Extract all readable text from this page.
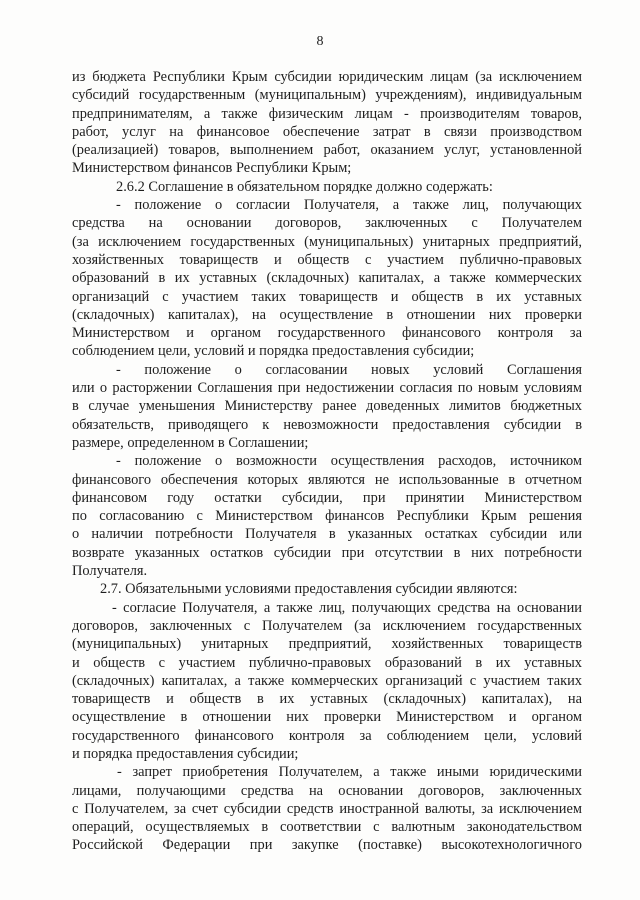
8
из бюджета Республики Крым субсидии юридическим лицам (за исключением
субсидий государственным (муниципальным) учреждениям), индивидуальным
предпринимателям, а также физическим лицам - производителям товаров,
работ, услуг на финансовое обеспечение затрат в связи производством
(реализацией) товаров, выполнением работ, оказанием услуг, установленной
Министерством финансов Республики Крым;
2.6.2 Соглашение в обязательном порядке должно содержать:
- положение о согласии Получателя, а также лиц, получающих
средства на основании договоров, заключенных с Получателем
(за исключением государственных (муниципальных) унитарных предприятий,
хозяйственных товариществ и обществ с участием публично-правовых
образований в их уставных (складочных) капиталах, а также коммерческих
организаций с участием таких товариществ и обществ в их уставных
(складочных) капиталах), на осуществление в отношении них проверки
Министерством и органом государственного финансового контроля за
соблюдением цели, условий и порядка предоставления субсидии;
- положение о согласовании новых условий Соглашения
или о расторжении Соглашения при недостижении согласия по новым условиям
в случае уменьшения Министерству ранее доведенных лимитов бюджетных
обязательств, приводящего к невозможности предоставления субсидии в
размере, определенном в Соглашении;
- положение о возможности осуществления расходов, источником
финансового обеспечения которых являются не использованные в отчетном
финансовом году остатки субсидии, при принятии Министерством
по согласованию с Министерством финансов Республики Крым решения
о наличии потребности Получателя в указанных остатках субсидии или
возврате указанных остатков субсидии при отсутствии в них потребности
Получателя.
2.7. Обязательными условиями предоставления субсидии являются:
- согласие Получателя, а также лиц, получающих средства на основании
договоров, заключенных с Получателем (за исключением государственных
(муниципальных) унитарных предприятий, хозяйственных товариществ
и обществ с участием публично-правовых образований в их уставных
(складочных) капиталах, а также коммерческих организаций с участием таких
товариществ и обществ в их уставных (складочных) капиталах), на
осуществление в отношении них проверки Министерством и органом
государственного финансового контроля за соблюдением цели, условий
и порядка предоставления субсидии;
- запрет приобретения Получателем, а также иными юридическими
лицами, получающими средства на основании договоров, заключенных
с Получателем, за счет субсидии средств иностранной валюты, за исключением
операций, осуществляемых в соответствии с валютным законодательством
Российской Федерации при закупке (поставке) высокотехнологичного
